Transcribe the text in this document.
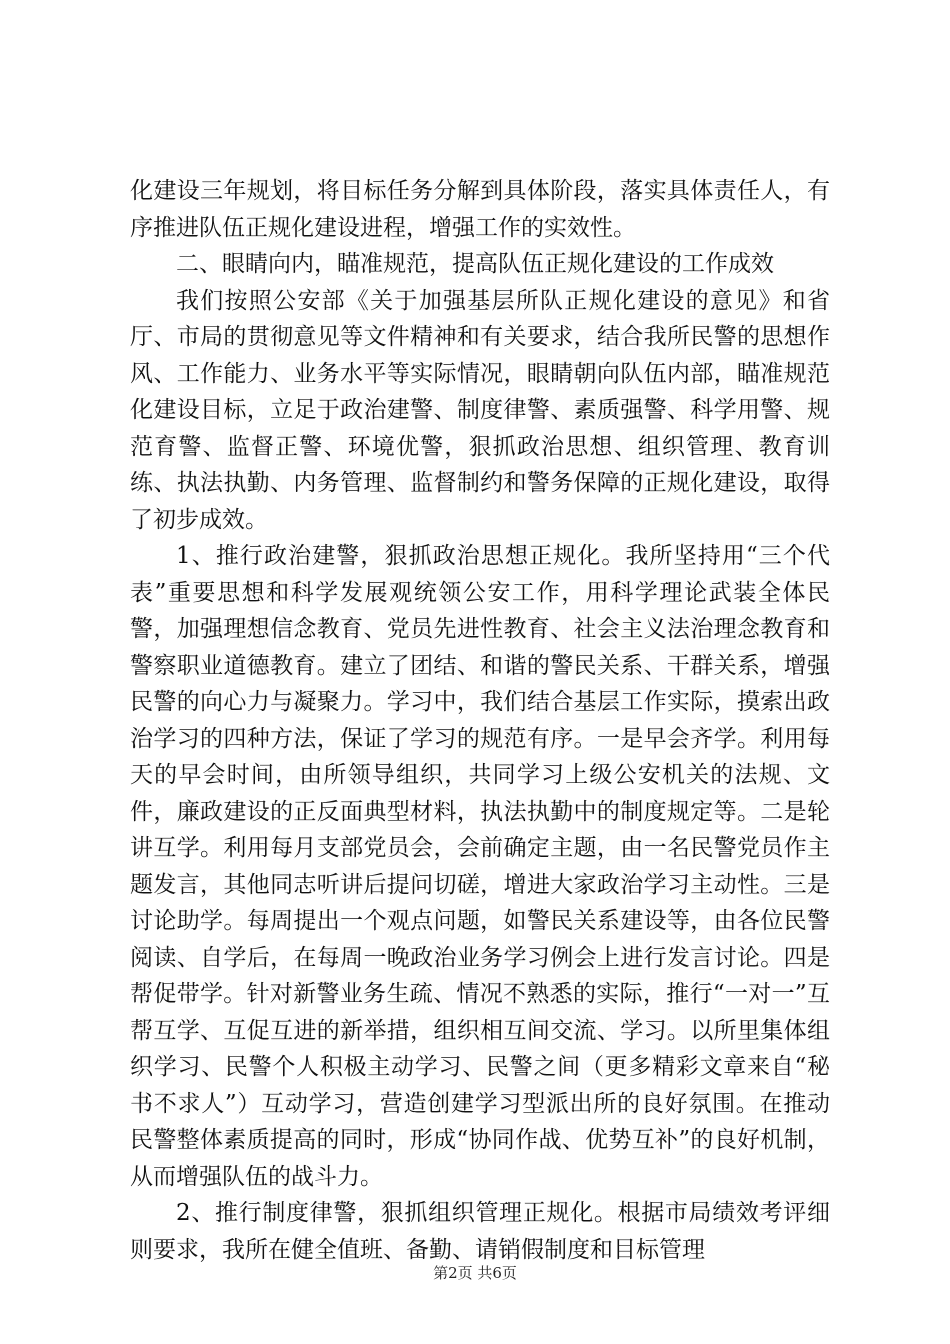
化建设三年规划，将目标任务分解到具体阶段，落实具体责任人，有序推进队伍正规化建设进程，增强工作的实效性。

二、眼睛向内，瞄准规范，提高队伍正规化建设的工作成效

我们按照公安部《关于加强基层所队正规化建设的意见》和省厅、市局的贯彻意见等文件精神和有关要求，结合我所民警的思想作风、工作能力、业务水平等实际情况，眼睛朝向队伍内部，瞄准规范化建设目标，立足于政治建警、制度律警、素质强警、科学用警、规范育警、监督正警、环境优警，狠抓政治思想、组织管理、教育训练、执法执勤、内务管理、监督制约和警务保障的正规化建设，取得了初步成效。

1、推行政治建警，狠抓政治思想正规化。我所坚持用“三个代表”重要思想和科学发展观统领公安工作，用科学理论武装全体民警，加强理想信念教育、党员先进性教育、社会主义法治理念教育和警察职业道德教育。建立了团结、和谐的警民关系、干群关系，增强民警的向心力与凝聚力。学习中，我们结合基层工作实际，摸索出政治学习的四种方法，保证了学习的规范有序。一是早会齐学。利用每天的早会时间，由所领导组织，共同学习上级公安机关的法规、文件，廉政建设的正反面典型材料，执法执勤中的制度规定等。二是轮讲互学。利用每月支部党员会，会前确定主题，由一名民警党员作主题发言，其他同志听讲后提问切磋，增进大家政治学习主动性。三是讨论助学。每周提出一个观点问题，如警民关系建设等，由各位民警阅读、自学后，在每周一晚政治业务学习例会上进行发言讨论。四是帮促带学。针对新警业务生疏、情况不熟悉的实际，推行“一对一”互帮互学、互促互进的新举措，组织相互间交流、学习。以所里集体组织学习、民警个人积极主动学习、民警之间（更多精彩文章来自“秘书不求人”）互动学习，营造创建学习型派出所的良好氛围。在推动民警整体素质提高的同时，形成“协同作战、优势互补”的良好机制，从而增强队伍的战斗力。

2、推行制度律警，狠抓组织管理正规化。根据市局绩效考评细则要求，我所在健全值班、备勤、请销假制度和目标管理

第2页 共6页
